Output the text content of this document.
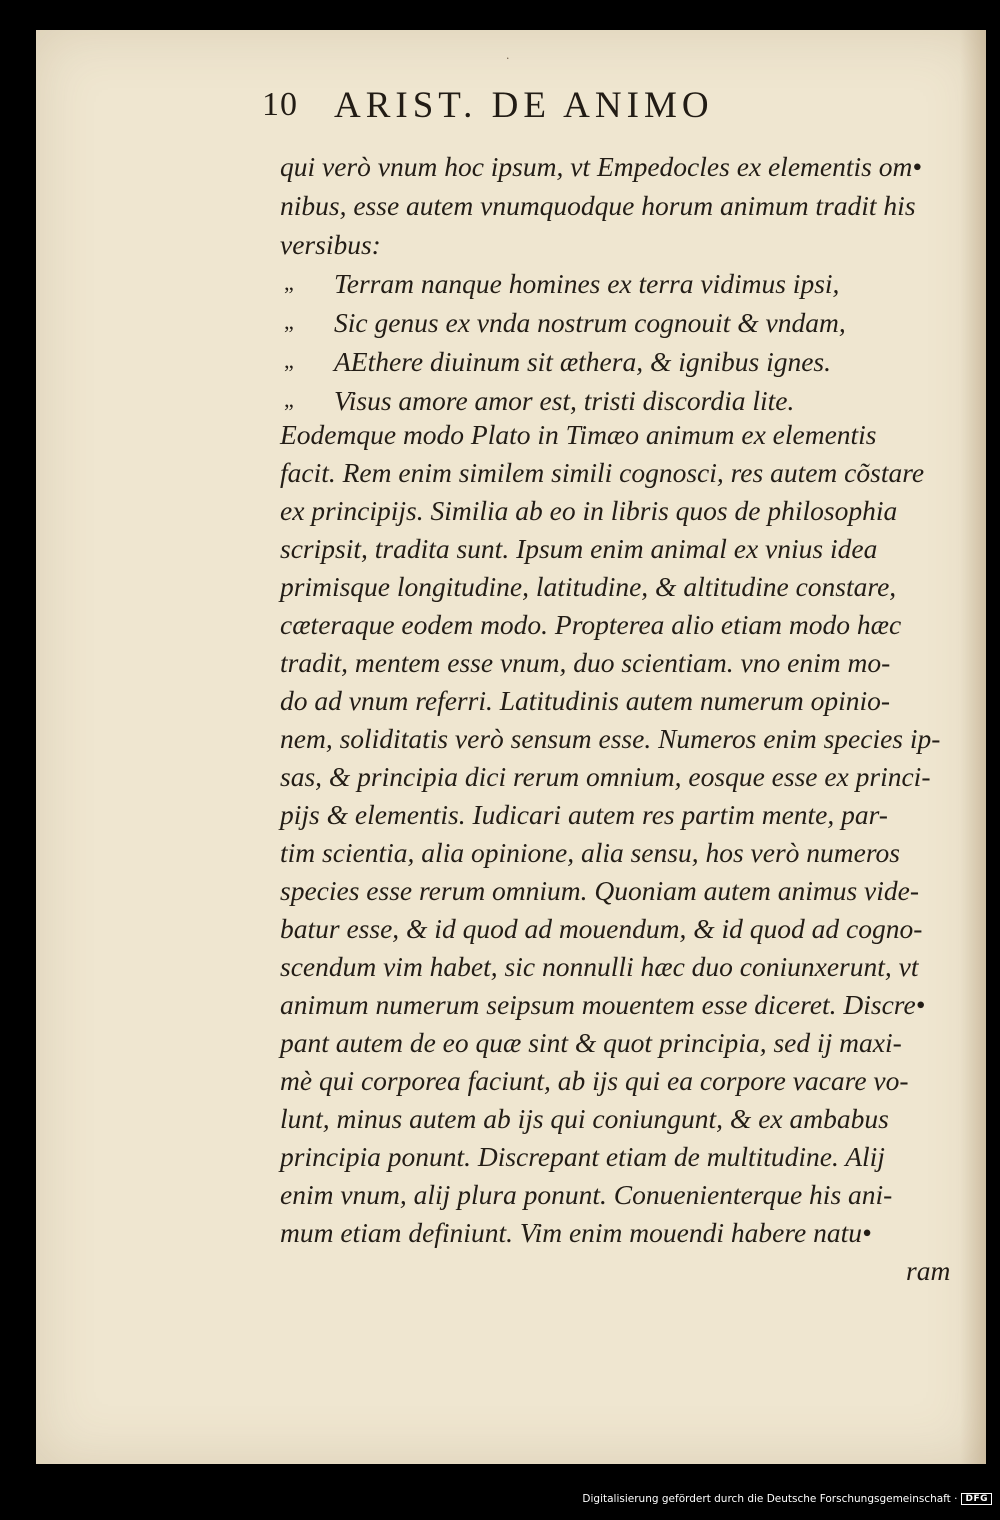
·
10 ARIST. DE ANIMO
qui verò vnum hoc ipsum, vt Empedocles ex elementis om•
nibus, esse autem vnumquodque horum animum tradit his
versibus:
„ Terram nanque homines ex terra vidimus ipsi,
„ Sic genus ex vnda nostrum cognouit & vndam,
„ AEthere diuinum sit æthera, & ignibus ignes.
„ Visus amore amor est, tristi discordia lite.
Eodemque modo Plato in Timæo animum ex elementis
facit. Rem enim similem simili cognosci, res autem cõstare
ex principijs. Similia ab eo in libris quos de philosophia
scripsit, tradita sunt. Ipsum enim animal ex vnius idea
primisque longitudine, latitudine, & altitudine constare,
cæteraque eodem modo. Propterea alio etiam modo hæc
tradit, mentem esse vnum, duo scientiam. vno enim mo-
do ad vnum referri. Latitudinis autem numerum opinio-
nem, soliditatis verò sensum esse. Numeros enim species ip-
sas, & principia dici rerum omnium, eosque esse ex princi-
pijs & elementis. Iudicari autem res partim mente, par-
tim scientia, alia opinione, alia sensu, hos verò numeros
species esse rerum omnium. Quoniam autem animus vide-
batur esse, & id quod ad mouendum, & id quod ad cogno-
scendum vim habet, sic nonnulli hæc duo coniunxerunt, vt
animum numerum seipsum mouentem esse diceret. Discre•
pant autem de eo quæ sint & quot principia, sed ij maxi-
mè qui corporea faciunt, ab ijs qui ea corpore vacare vo-
lunt, minus autem ab ijs qui coniungunt, & ex ambabus
principia ponunt. Discrepant etiam de multitudine. Alij
enim vnum, alij plura ponunt. Conuenienterque his ani-
mum etiam definiunt. Vim enim mouendi habere natu•
ram
Digitalisierung gefördert durch die Deutsche Forschungsgemeinschaft · DFG
